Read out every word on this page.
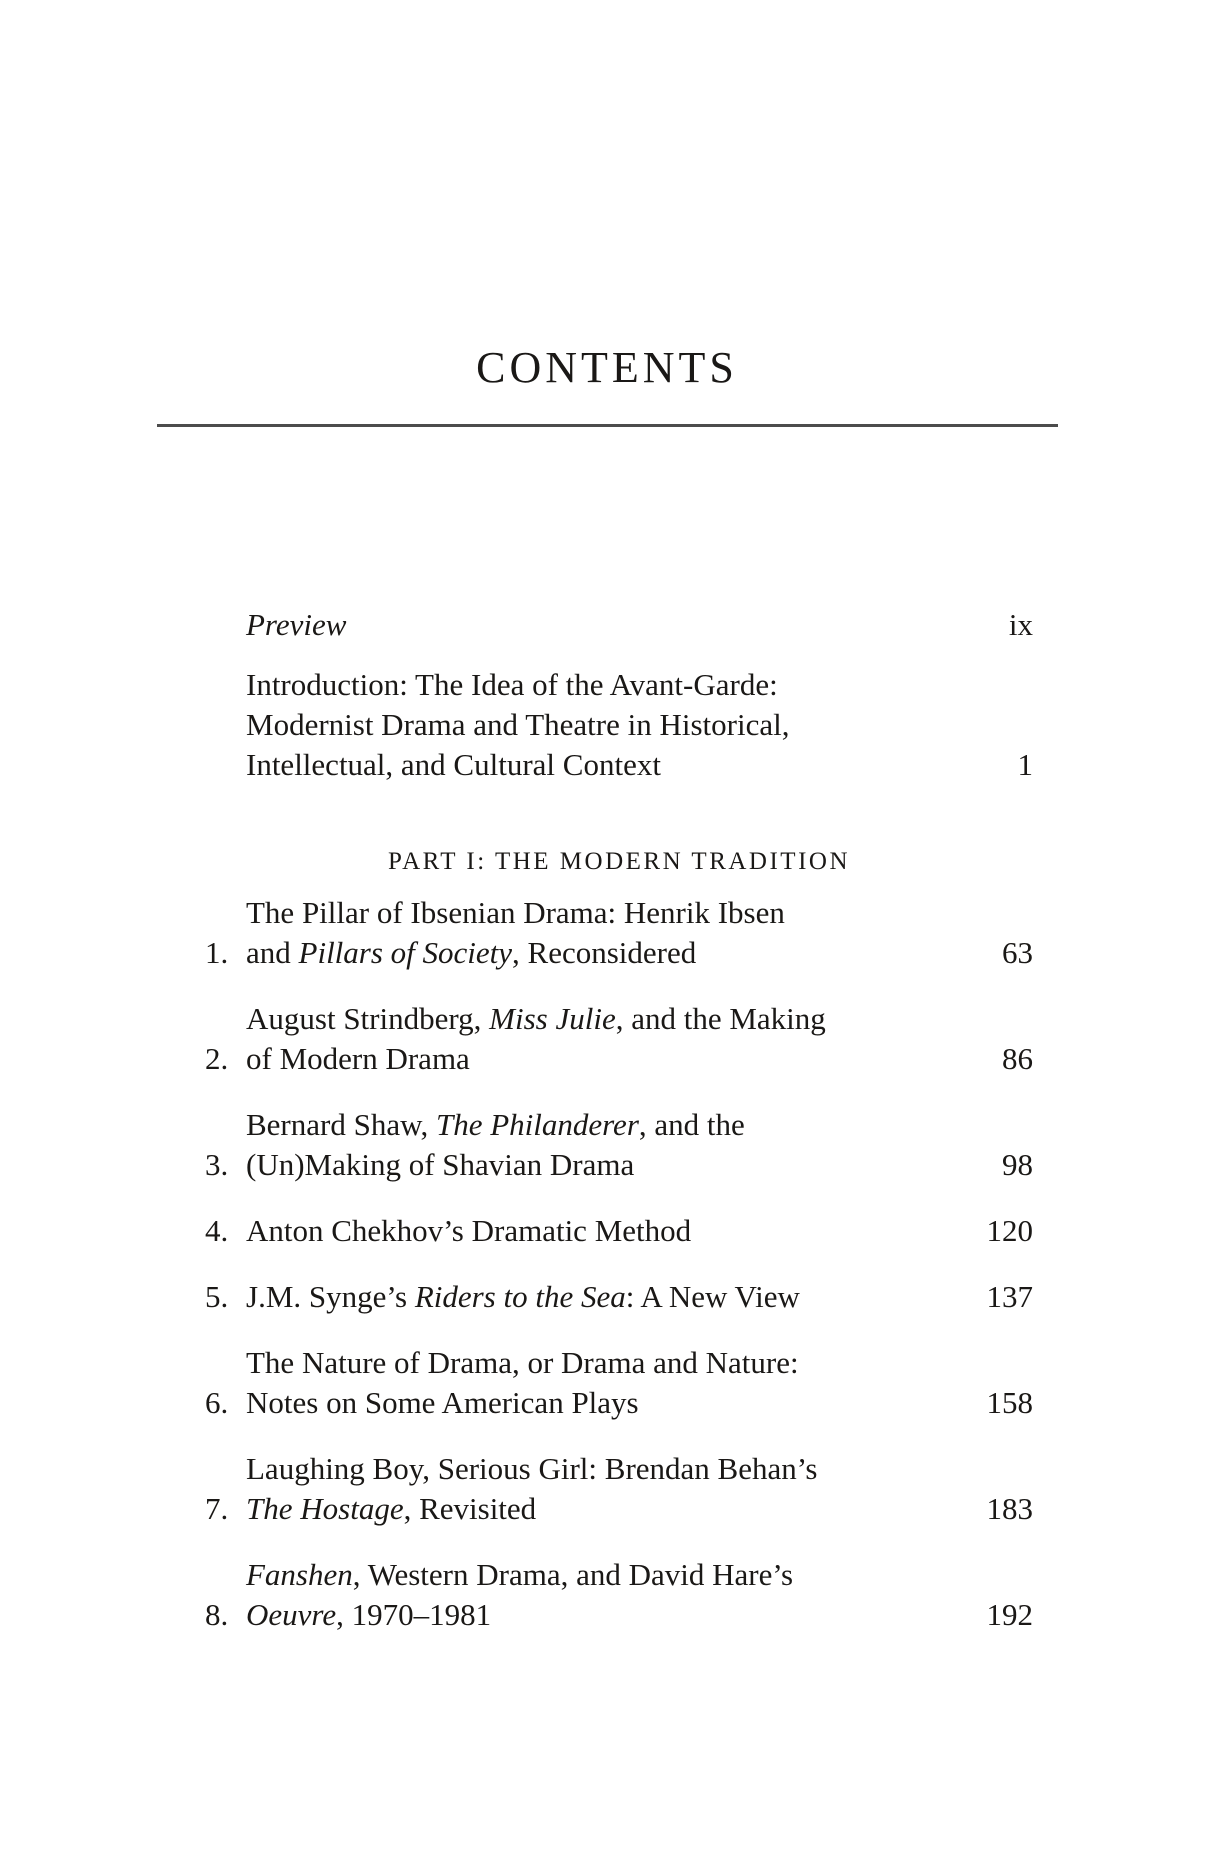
CONTENTS
Preview	ix
Introduction: The Idea of the Avant-Garde:
Modernist Drama and Theatre in Historical,
Intellectual, and Cultural Context	1
PART I: THE MODERN TRADITION
1.
The Pillar of Ibsenian Drama: Henrik Ibsen
and Pillars of Society, Reconsidered	63
2.
August Strindberg, Miss Julie, and the Making
of Modern Drama	86
3.
Bernard Shaw, The Philanderer, and the
(Un)Making of Shavian Drama	98
4. Anton Chekhov’s Dramatic Method	120
5. J.M. Synge’s Riders to the Sea: A New View	137
6.
The Nature of Drama, or Drama and Nature:
Notes on Some American Plays	158
7.
Laughing Boy, Serious Girl: Brendan Behan’s
The Hostage, Revisited	183
8.
Fanshen, Western Drama, and David Hare’s
Oeuvre, 1970–1981	192
